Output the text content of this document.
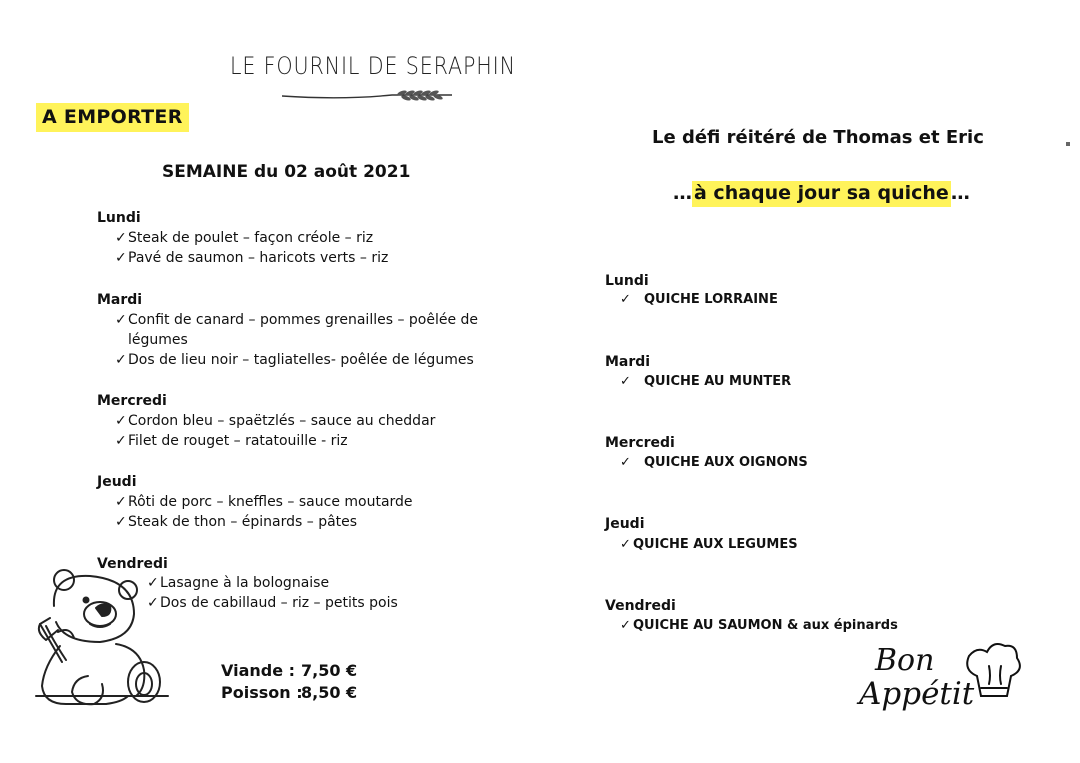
LE FOURNIL DE SERAPHIN
A EMPORTER
SEMAINE du 02 août 2021
Lundi
✓Steak de poulet – façon créole – riz
✓Pavé de saumon – haricots verts – riz
Mardi
✓Confit de canard – pommes grenailles – poêlée de
légumes
✓Dos de lieu noir – tagliatelles- poêlée de légumes
Mercredi
✓Cordon bleu – spaëtzlés – sauce au cheddar
✓Filet de rouget – ratatouille - riz
Jeudi
✓Rôti de porc – kneffles – sauce moutarde
✓Steak de thon – épinards – pâtes
Vendredi
✓Lasagne à la bolognaise
✓Dos de cabillaud – riz – petits pois
Viande : 7,50 €
Poisson :8,50 €
Le défi réitéré de Thomas et Eric
… à chaque jour sa quiche …
Lundi
✓ QUICHE LORRAINE
Mardi
✓ QUICHE AU MUNTER
Mercredi
✓ QUICHE AUX OIGNONS
Jeudi
✓ QUICHE AUX LEGUMES
Vendredi
✓ QUICHE AU SAUMON & aux épinards
Bon
Appétit
